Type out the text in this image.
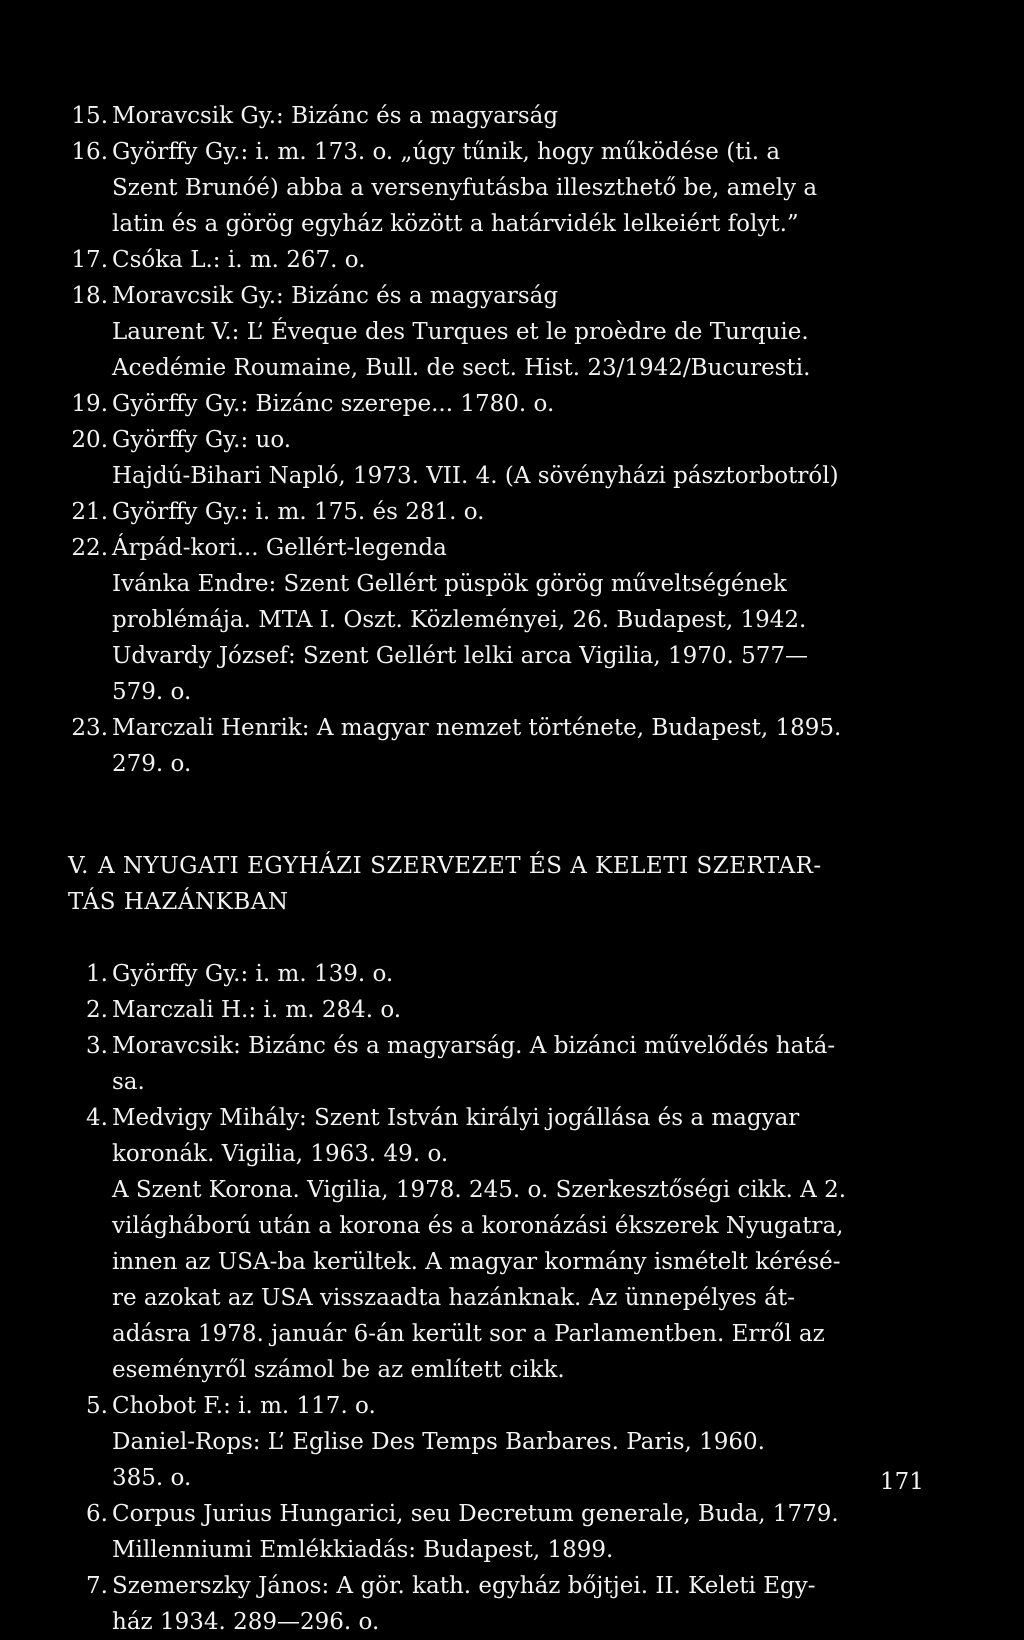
15. Moravcsik Gy.: Bizánc és a magyarság
16. Györffy Gy.: i. m. 173. o. „úgy tűnik, hogy működése (ti. a
Szent Brunóé) abba a versenyfutásba illeszthető be, amely a
latin és a görög egyház között a határvidék lelkeiért folyt.”
17. Csóka L.: i. m. 267. o.
18. Moravcsik Gy.: Bizánc és a magyarság
Laurent V.: L’ Éveque des Turques et le proèdre de Turquie.
Acedémie Roumaine, Bull. de sect. Hist. 23/1942/Bucuresti.
19. Györffy Gy.: Bizánc szerepe... 1780. o.
20. Györffy Gy.: uo.
Hajdú-Bihari Napló, 1973. VII. 4. (A sövényházi pásztorbotról)
21. Györffy Gy.: i. m. 175. és 281. o.
22. Árpád-kori... Gellért-legenda
Ivánka Endre: Szent Gellért püspök görög műveltségének
problémája. MTA I. Oszt. Közleményei, 26. Budapest, 1942.
Udvardy József: Szent Gellért lelki arca Vigilia, 1970. 577—
579. o.
23. Marczali Henrik: A magyar nemzet története, Budapest, 1895.
279. o.
V. A NYUGATI EGYHÁZI SZERVEZET ÉS A KELETI SZERTAR-
TÁS HAZÁNKBAN
1. Györffy Gy.: i. m. 139. o.
2. Marczali H.: i. m. 284. o.
3. Moravcsik: Bizánc és a magyarság. A bizánci művelődés hatá-
sa.
4. Medvigy Mihály: Szent István királyi jogállása és a magyar
koronák. Vigilia, 1963. 49. o.
A Szent Korona. Vigilia, 1978. 245. o. Szerkesztőségi cikk. A 2.
világháború után a korona és a koronázási ékszerek Nyugatra,
innen az USA-ba kerültek. A magyar kormány ismételt kérésé-
re azokat az USA visszaadta hazánknak. Az ünnepélyes át-
adásra 1978. január 6-án került sor a Parlamentben. Erről az
eseményről számol be az említett cikk.
5. Chobot F.: i. m. 117. o.
Daniel-Rops: L’ Eglise Des Temps Barbares. Paris, 1960.
385. o.
6. Corpus Jurius Hungarici, seu Decretum generale, Buda, 1779.
Millenniumi Emlékkiadás: Budapest, 1899.
7. Szemerszky János: A gör. kath. egyház bőjtjei. II. Keleti Egy-
ház 1934. 289—296. o.
171
